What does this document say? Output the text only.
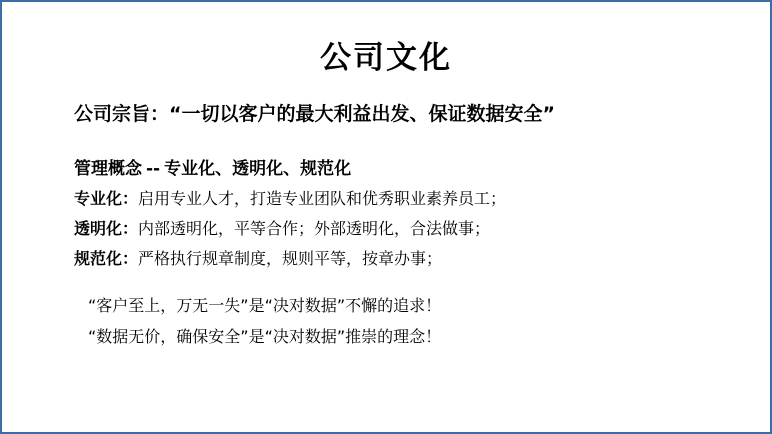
公司文化
公司宗旨：“一切以客户的最大利益出发、保证数据安全”
管理概念 -- 专业化、透明化、规范化
专业化：启用专业人才，打造专业团队和优秀职业素养员工；
透明化：内部透明化，平等合作；外部透明化，合法做事；
规范化：严格执行规章制度，规则平等，按章办事；
“客户至上，万无一失”是“决对数据”不懈的追求！
“数据无价，确保安全”是“决对数据”推崇的理念！
